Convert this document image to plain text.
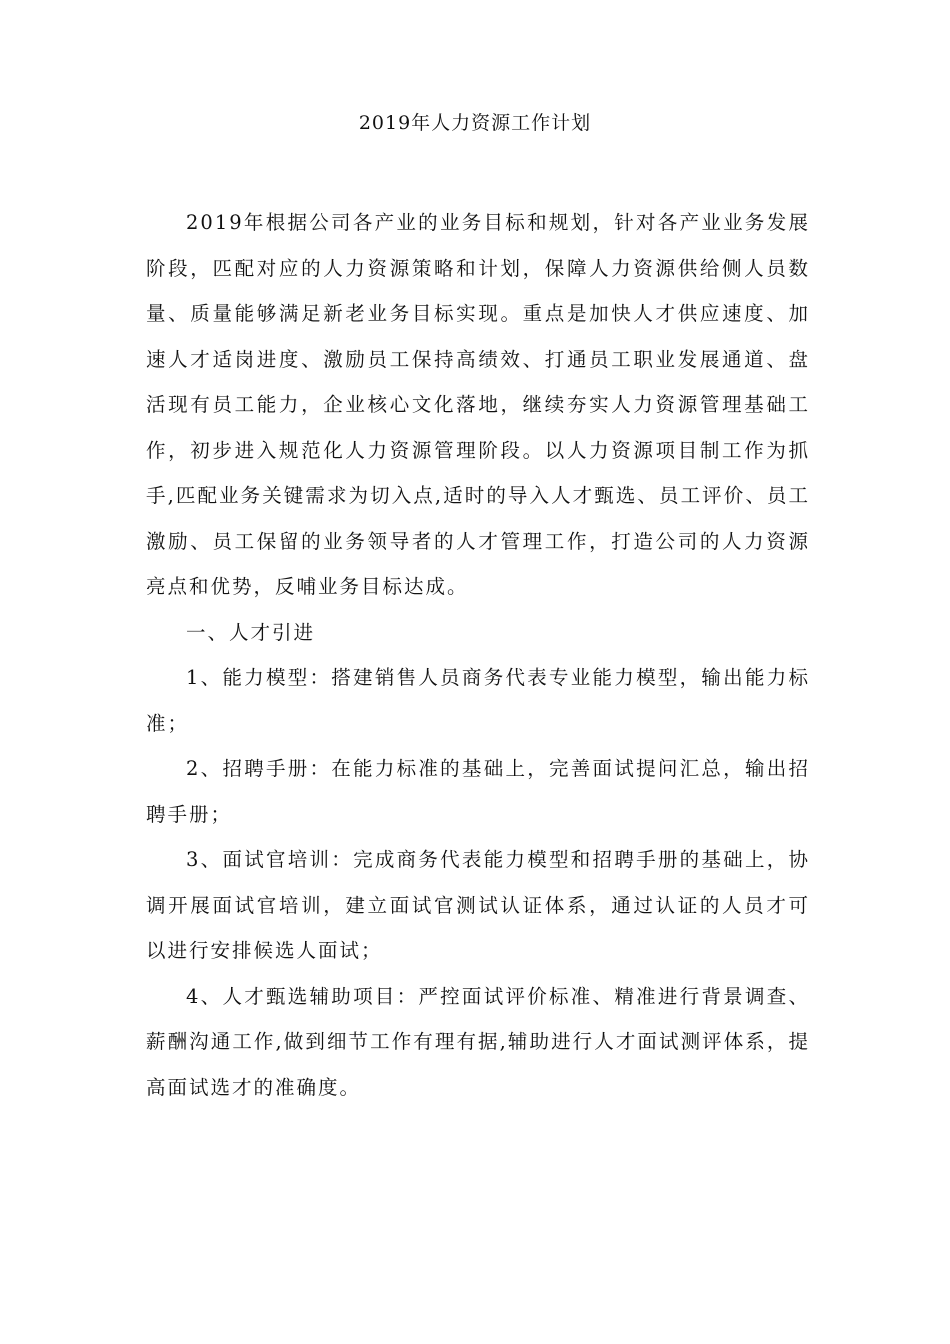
2019年人力资源工作计划

2019年根据公司各产业的业务目标和规划，针对各产业业务发展阶段，匹配对应的人力资源策略和计划，保障人力资源供给侧人员数量、质量能够满足新老业务目标实现。重点是加快人才供应速度、加速人才适岗进度、激励员工保持高绩效、打通员工职业发展通道、盘活现有员工能力，企业核心文化落地，继续夯实人力资源管理基础工作，初步进入规范化人力资源管理阶段。以人力资源项目制工作为抓手,匹配业务关键需求为切入点,适时的导入人才甄选、员工评价、员工激励、员工保留的业务领导者的人才管理工作，打造公司的人力资源亮点和优势，反哺业务目标达成。

一、人才引进

1、能力模型：搭建销售人员商务代表专业能力模型，输出能力标准；

2、招聘手册：在能力标准的基础上，完善面试提问汇总，输出招聘手册；

3、面试官培训：完成商务代表能力模型和招聘手册的基础上，协调开展面试官培训，建立面试官测试认证体系，通过认证的人员才可以进行安排候选人面试；

4、人才甄选辅助项目：严控面试评价标准、精准进行背景调查、薪酬沟通工作,做到细节工作有理有据,辅助进行人才面试测评体系，提高面试选才的准确度。
